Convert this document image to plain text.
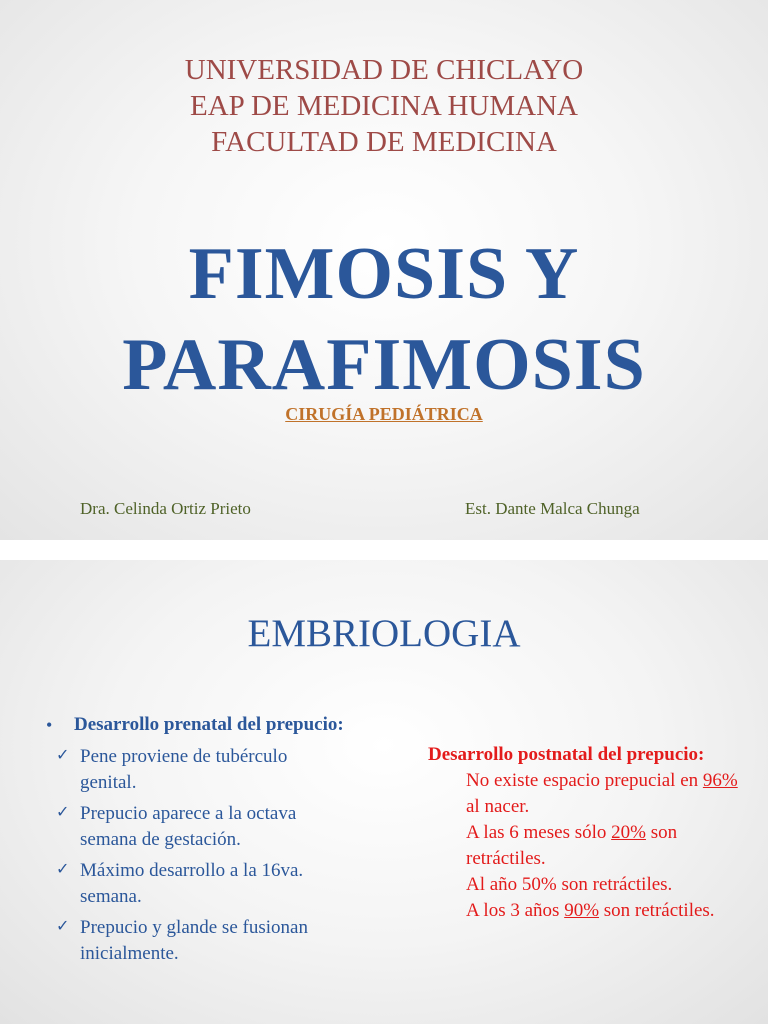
UNIVERSIDAD DE CHICLAYO
EAP DE MEDICINA HUMANA
FACULTAD DE MEDICINA
FIMOSIS Y
PARAFIMOSIS
CIRUGÍA PEDIÁTRICA
Dra. Celinda Ortiz Prieto	Est. Dante Malca Chunga
EMBRIOLOGIA
• Desarrollo prenatal del prepucio:
✓ Pene proviene de tubérculo genital.
✓ Prepucio aparece a la octava semana de gestación.
✓ Máximo desarrollo a la 16va. semana.
✓ Prepucio y glande se fusionan inicialmente.
Desarrollo postnatal del prepucio:
No existe espacio prepucial en 96% al nacer.
A las 6 meses sólo 20% son retráctiles.
Al año 50% son retráctiles.
A los 3 años 90% son retráctiles.
